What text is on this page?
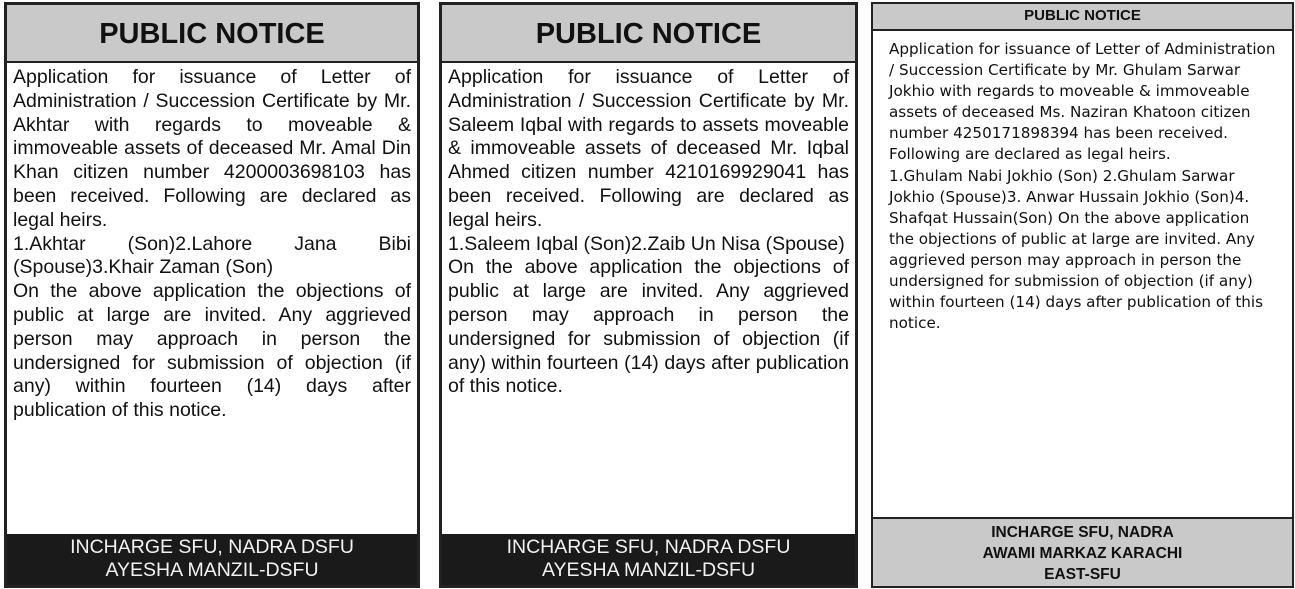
PUBLIC NOTICE

Application for issuance of Letter of Administration / Succession Certificate by Mr. Akhtar with regards to moveable & immoveable assets of deceased Mr. Amal Din Khan citizen number 4200003698103 has been received. Following are declared as legal heirs.

1.Akhtar (Son)2.Lahore Jana Bibi (Spouse)3.Khair Zaman (Son)

On the above application the objections of public at large are invited. Any aggrieved person may approach in person the undersigned for submission of objection (if any) within fourteen (14) days after publication of this notice.

INCHARGE SFU, NADRA DSFU
AYESHA MANZIL-DSFU
PUBLIC NOTICE

Application for issuance of Letter of Administration / Succession Certificate by Mr. Saleem Iqbal with regards to assets moveable & immoveable assets of deceased Mr. Iqbal Ahmed citizen number 4210169929041 has been received. Following are declared as legal heirs.

1.Saleem Iqbal (Son)2.Zaib Un Nisa (Spouse)

On the above application the objections of public at large are invited. Any aggrieved person may approach in person the undersigned for submission of objection (if any) within fourteen (14) days after publication of this notice.

INCHARGE SFU, NADRA DSFU
AYESHA MANZIL-DSFU
PUBLIC NOTICE

Application for issuance of Letter of Administration / Succession Certificate by Mr. Ghulam Sarwar Jokhio with regards to moveable & immoveable assets of deceased Ms. Naziran Khatoon citizen number 4250171898394 has been received. Following are declared as legal heirs.

1.Ghulam Nabi Jokhio (Son) 2.Ghulam Sarwar Jokhio (Spouse)3. Anwar Hussain Jokhio (Son)4. Shafqat Hussain(Son) On the above application the objections of public at large are invited. Any aggrieved person may approach in person the undersigned for submission of objection (if any) within fourteen (14) days after publication of this notice.

INCHARGE SFU, NADRA
AWAMI MARKAZ KARACHI
EAST-SFU
